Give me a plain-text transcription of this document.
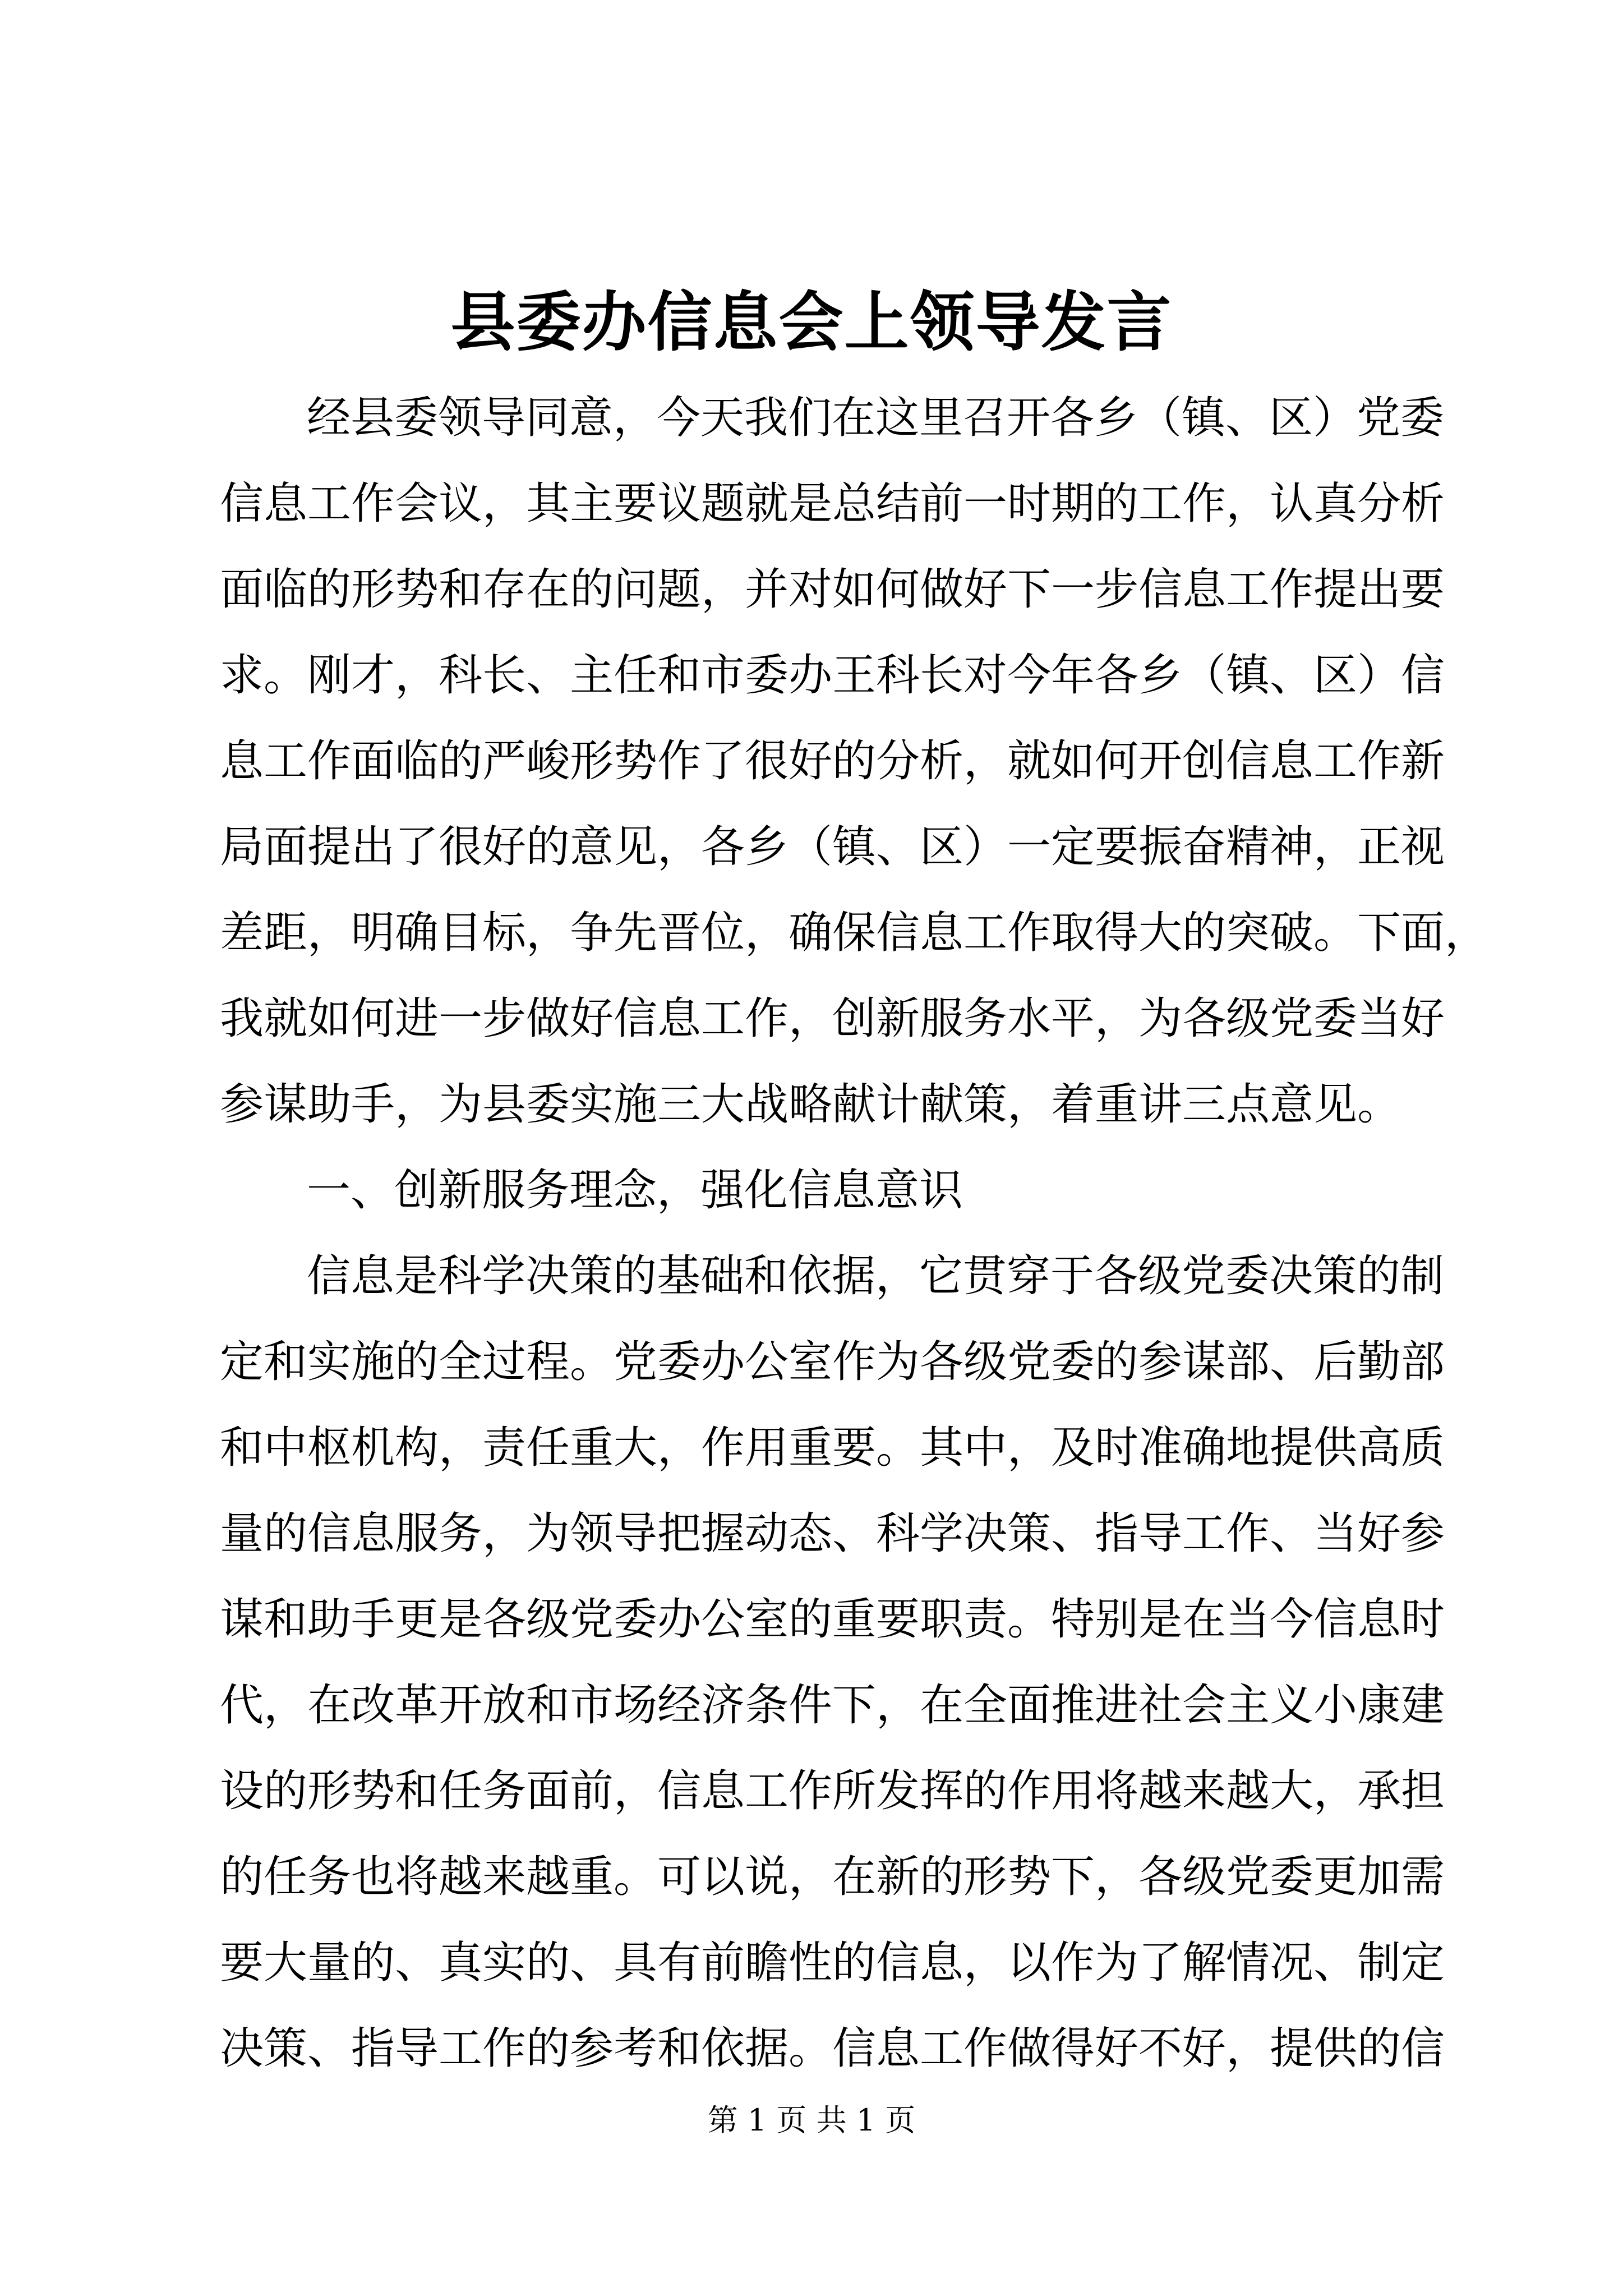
县委办信息会上领导发言
经县委领导同意，今天我们在这里召开各乡（镇、区）党委
信息工作会议，其主要议题就是总结前一时期的工作，认真分析
面临的形势和存在的问题，并对如何做好下一步信息工作提出要
求。刚才，科长、主任和市委办王科长对今年各乡（镇、区）信
息工作面临的严峻形势作了很好的分析，就如何开创信息工作新
局面提出了很好的意见，各乡（镇、区）一定要振奋精神，正视
差距，明确目标，争先晋位，确保信息工作取得大的突破。下面，
我就如何进一步做好信息工作，创新服务水平，为各级党委当好
参谋助手，为县委实施三大战略献计献策，着重讲三点意见。
一、创新服务理念，强化信息意识
信息是科学决策的基础和依据，它贯穿于各级党委决策的制
定和实施的全过程。党委办公室作为各级党委的参谋部、后勤部
和中枢机构，责任重大，作用重要。其中，及时准确地提供高质
量的信息服务，为领导把握动态、科学决策、指导工作、当好参
谋和助手更是各级党委办公室的重要职责。特别是在当今信息时
代，在改革开放和市场经济条件下，在全面推进社会主义小康建
设的形势和任务面前，信息工作所发挥的作用将越来越大，承担
的任务也将越来越重。可以说，在新的形势下，各级党委更加需
要大量的、真实的、具有前瞻性的信息，以作为了解情况、制定
决策、指导工作的参考和依据。信息工作做得好不好，提供的信
第 1 页 共 1 页
